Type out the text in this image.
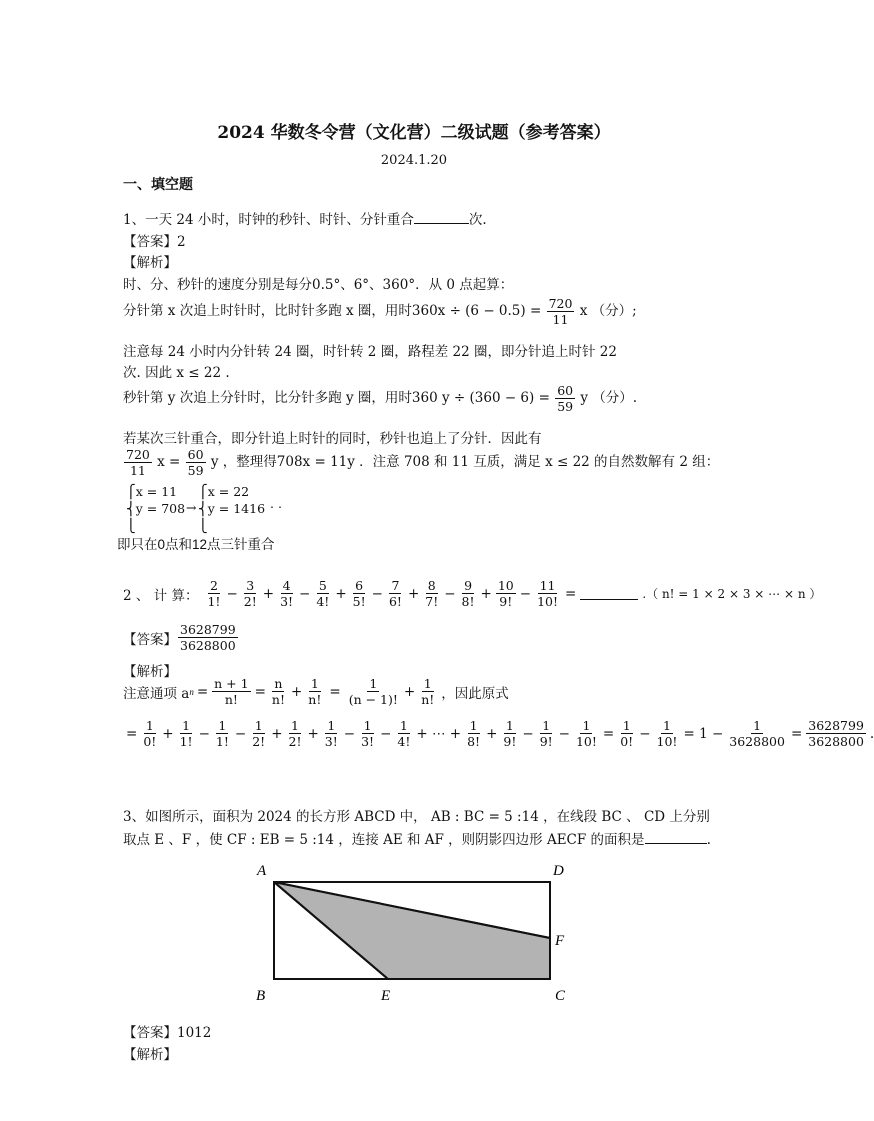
2024 华数冬令营（文化营）二级试题（参考答案）
2024.1.20
一、填空题
1、一天 24 小时，时钟的秒针、时针、分针重合	次.
【答案】2
【解析】
时、分、秒针的速度分别是每分0.5°、6°、360°．从 0 点起算：
分针第 x 次追上时针时，比时针多跑 x 圈，用时$360x \div (6 - 0.5) = \frac{720}{11}$ x （分）;
注意每 24 小时内分针转 24 圈，时针转 2 圈，路程差 22 圈，即分针追上时针 22
次. 因此 x ≤ 22 .
秒针第 y 次追上分针时，比分针多跑 y 圈，用时360 $y \div (360 - 6) = \frac{60}{59}$ y （分）.
若某次三针重合，即分针追上时针的同时，秒针也追上了分针．因此有
$\frac{720}{11}$ $x = \frac{60}{59}$ y ，整理得708x = 11y ．注意 708 和 11 互质，满足 x ≤ 22 的自然数解有 2 组：
⎧x = 11
⎨y = 708
⎩
→
⎧x = 22
⎨y = 1416
⎩
. .
即只在0点和12点三针重合
2 、 计 算： $\frac{2}{1!} - \frac{3}{2!} + \frac{4}{3!} - \frac{5}{4!} + \frac{6}{5!} - \frac{7}{6!} + \frac{8}{7!} - \frac{9}{8!} + \frac{10}{9!} - \frac{11}{10!}$ =	.（ n! = 1 × 2 × 3 × ⋯ × n ）
【答案】 $\frac{3628799}{3628800}$
【解析】
注意通项 a $n = \frac{n + 1}{n!} = \frac{n}{n!} + \frac{1}{n!} = \frac{1}{(n - 1)!} + \frac{1}{n!}$ ，因此原式
= $\frac{1}{0!} + \frac{1}{1!} - \frac{1}{1!} - \frac{1}{2!} + \frac{1}{2!} + \frac{1}{3!} - \frac{1}{3!} - \frac{1}{4!}$ + ⋯ + $\frac{1}{8!} + \frac{1}{9!} - \frac{1}{9!} - \frac{1}{10!} = \frac{1}{0!} - \frac{1}{10!} = 1 - \frac{1}{3628800} = \frac{3628799}{3628800}$ .
3、如图所示，面积为 2024 的长方形 ABCD 中， AB : BC = 5 :14 ，在线段 BC 、 CD 上分别
取点 E 、F ，使 CF : EB = 5 :14 ，连接 AE 和 AF ，则阴影四边形 AECF 的面积是	.
A	D
F
B	E	C
【答案】1012
【解析】
